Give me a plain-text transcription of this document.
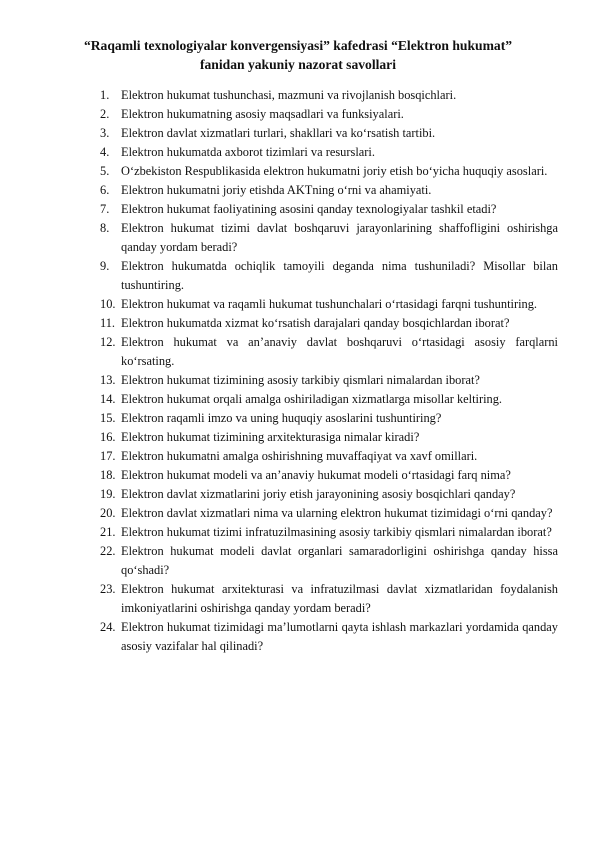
“Raqamli texnologiyalar konvergensiyasi” kafedrasi “Elektron hukumat”
fanidan yakuniy nazorat savollari
1. Elektron hukumat tushunchasi, mazmuni va rivojlanish bosqichlari.
2. Elektron hukumatning asosiy maqsadlari va funksiyalari.
3. Elektron davlat xizmatlari turlari, shakllari va ko‘rsatish tartibi.
4. Elektron hukumatda axborot tizimlari va resurslari.
5. O‘zbekiston Respublikasida elektron hukumatni joriy etish bo‘yicha huquqiy asoslari.
6. Elektron hukumatni joriy etishda AKTning o‘rni va ahamiyati.
7. Elektron hukumat faoliyatining asosini qanday texnologiyalar tashkil etadi?
8. Elektron hukumat tizimi davlat boshqaruvi jarayonlarining shaffofligini oshirishga qanday yordam beradi?
9. Elektron hukumatda ochiqlik tamoyili deganda nima tushuniladi? Misollar bilan tushuntiring.
10. Elektron hukumat va raqamli hukumat tushunchalari o‘rtasidagi farqni tushuntiring.
11. Elektron hukumatda xizmat ko‘rsatish darajalari qanday bosqichlardan iborat?
12. Elektron hukumat va an’anaviy davlat boshqaruvi o‘rtasidagi asosiy farqlarni ko‘rsating.
13. Elektron hukumat tizimining asosiy tarkibiy qismlari nimalardan iborat?
14. Elektron hukumat orqali amalga oshiriladigan xizmatlarga misollar keltiring.
15. Elektron raqamli imzo va uning huquqiy asoslarini tushuntiring?
16. Elektron hukumat tizimining arxitekturasiga nimalar kiradi?
17. Elektron hukumatni amalga oshirishning muvaffaqiyat va xavf omillari.
18. Elektron hukumat modeli va an’anaviy hukumat modeli o‘rtasidagi farq nima?
19. Elektron davlat xizmatlarini joriy etish jarayonining asosiy bosqichlari qanday?
20. Elektron davlat xizmatlari nima va ularning elektron hukumat tizimidagi o‘rni qanday?
21. Elektron hukumat tizimi infratuzilmasining asosiy tarkibiy qismlari nimalardan iborat?
22. Elektron hukumat modeli davlat organlari samaradorligini oshirishga qanday hissa qo‘shadi?
23. Elektron hukumat arxitekturasi va infratuzilmasi davlat xizmatlaridan foydalanish imkoniyatlarini oshirishga qanday yordam beradi?
24. Elektron hukumat tizimidagi ma’lumotlarni qayta ishlash markazlari yordamida qanday asosiy vazifalar hal qilinadi?
